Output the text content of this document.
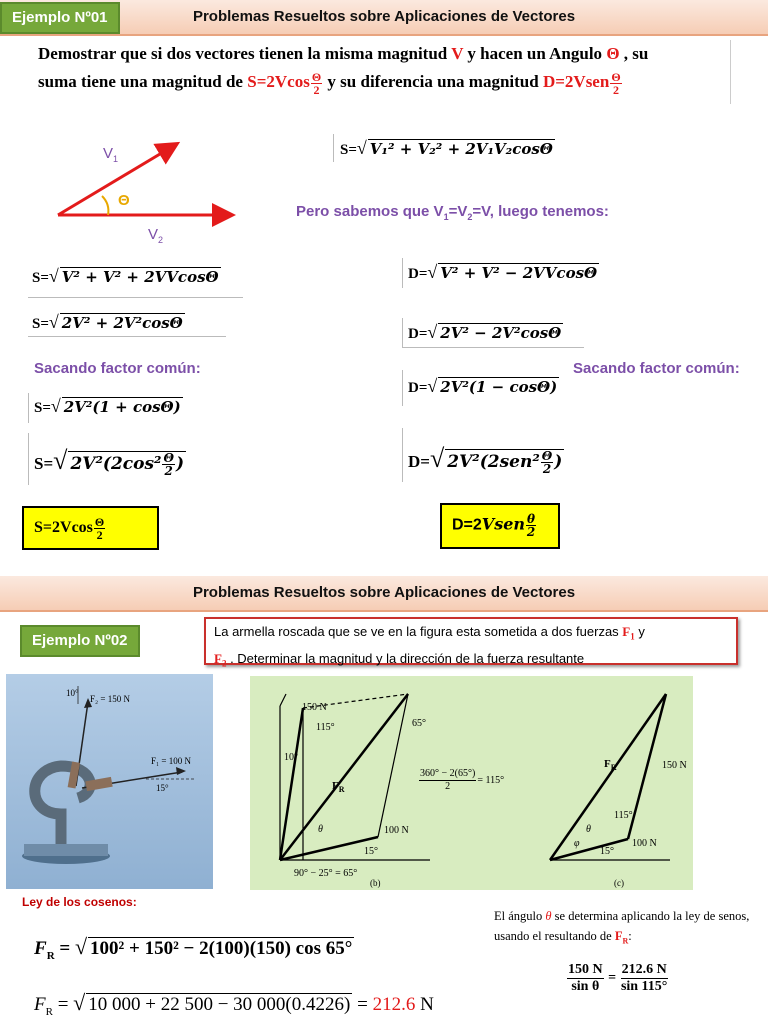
Ejemplo Nº01	Problemas Resueltos sobre Aplicaciones de Vectores
Demostrar que si dos vectores tienen la misma magnitud V y hacen un Angulo Θ , su
suma tiene una magnitud de $S=2Vcos \frac{\Theta}{2}$ y su diferencia una magnitud D=2Vsen $\frac{\Theta}{2}$
$V_1$
$V_2$
Θ
S=√ V₁² + V₂² + 2V₁V₂cosΘ
Pero sabemos que $V_1=V_2=V$, luego tenemos:
S=√ V² + V² + 2VVcosΘ
S=√ 2V² + 2V²cosΘ
Sacando factor común:
S=√ 2V²(1 + cosΘ)
S=√ $2V^2(2\cos^2 \frac{\Theta}{2}$ )
$S=2Vcos \frac{\Theta}{2}$
D=√ V² + V² − 2VVcosΘ
D=√ 2V² − 2V²cosΘ
Sacando factor común:
D=√ 2V²(1 − cosΘ)
D=√ $2V^2(2sen^2 \frac{\Theta}{2}$ )
D=2Vsen $\frac{\theta}{2}$
Problemas Resueltos sobre Aplicaciones de Vectores
Ejemplo Nº02
La armella roscada que se ve en la figura esta sometida a dos fuerzas $F_1$ y
$F_2$ . Determinar la magnitud y la dirección de la fuerza resultante
F₂ = 150 N
10°
F₁ = 100 N
15°
150 N
115°
10°
65°
$F_R$
θ	100 N
15°
$\frac{360^\circ - 2(65^\circ)}{2} = 115^\circ$
90° − 25° = 65°
(b)
$F_R$	150 N
115°
θ
φ
15°
100 N
(c)
Ley de los cosenos:
$F_R$ = √ 100² + 150² − 2(100)(150) cos 65°
$F_R$ = √ 10 000 + 22 500 − 30 000(0.4226) = 212.6 N
El ángulo θ se determina aplicando la ley de senos, usando el resultando de $F_R$:
$\frac{150 N}{\text{sin θ}} = \frac{212.6 N}{\sin 115^\circ}$
